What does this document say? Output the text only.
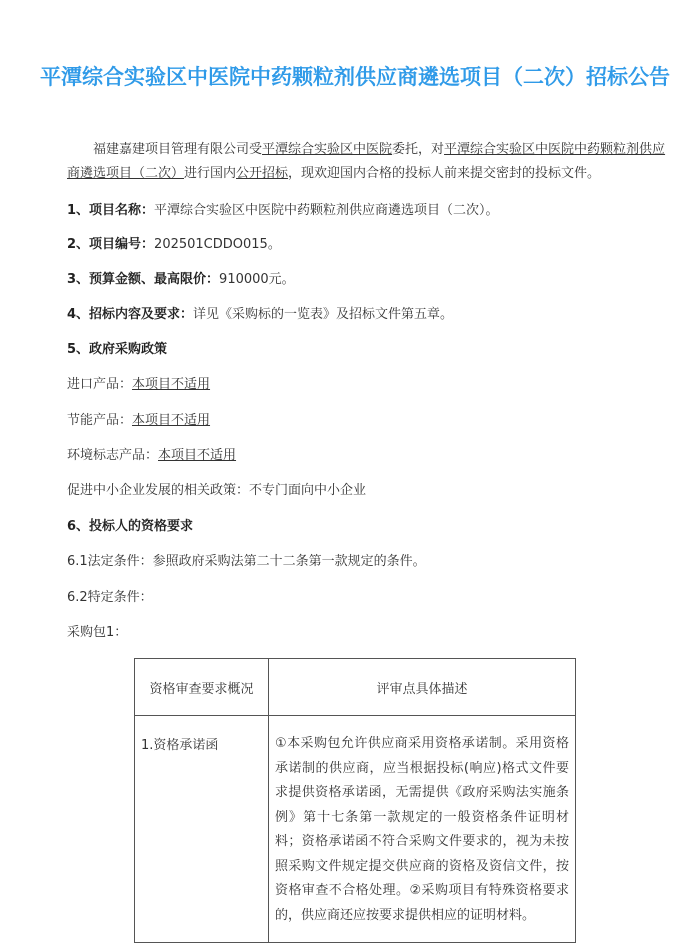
平潭综合实验区中医院中药颗粒剂供应商遴选项目（二次）招标公告
福建嘉建项目管理有限公司受平潭综合实验区中医院委托，对平潭综合实验区中医院中药颗粒剂供应商遴选项目（二次）进行国内公开招标，现欢迎国内合格的投标人前来提交密封的投标文件。
1、项目名称：平潭综合实验区中医院中药颗粒剂供应商遴选项目（二次）。
2、项目编号：202501CDDO015。
3、预算金额、最高限价：910000元。
4、招标内容及要求：详见《采购标的一览表》及招标文件第五章。
5、政府采购政策
进口产品：本项目不适用
节能产品：本项目不适用
环境标志产品：本项目不适用
促进中小企业发展的相关政策：不专门面向中小企业
6、投标人的资格要求
6.1法定条件：参照政府采购法第二十二条第一款规定的条件。
6.2特定条件：
采购包1：
资格审查要求概况	评审点具体描述
1.资格承诺函	①本采购包允许供应商采用资格承诺制。采用资格承诺制的供应商，应当根据投标(响应)格式文件要求提供资格承诺函，无需提供《政府采购法实施条例》第十七条第一款规定的一般资格条件证明材料；资格承诺函不符合采购文件要求的，视为未按照采购文件规定提交供应商的资格及资信文件，按资格审查不合格处理。②采购项目有特殊资格要求的，供应商还应按要求提供相应的证明材料。
